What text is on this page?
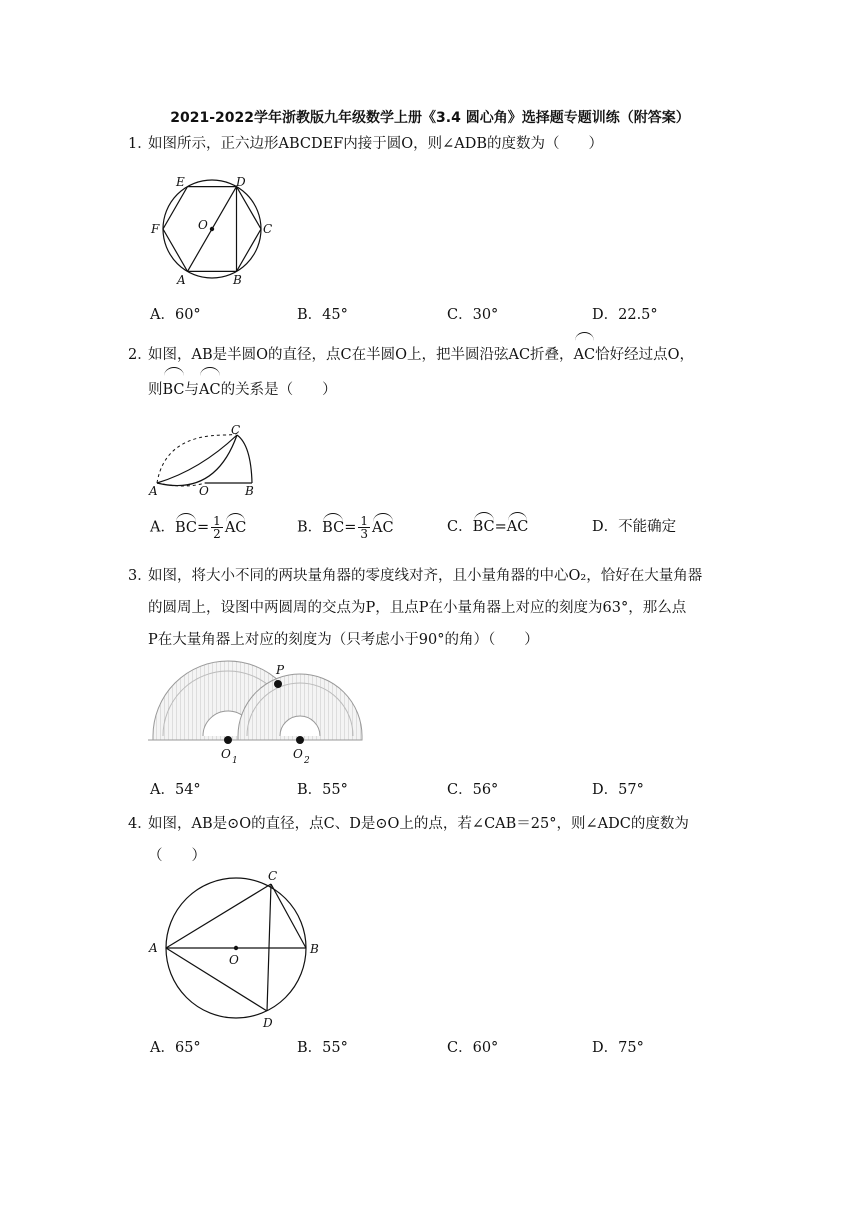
2021-2022学年浙教版九年级数学上册《3.4 圆心角》选择题专题训练（附答案）
1．如图所示，正六边形ABCDEF内接于圆O，则∠ADB的度数为（　　）
E	D
F	O	C
A	B
A．60°	B．45°	C．30°	D．22.5°
2．如图，AB是半圆O的直径，点C在半圆O上，把半圆沿弦AC折叠，AC恰好经过点O，
则BC与AC的关系是（　　）
C
A	O	B
A．$BC= \frac{1}{2}$ AC	B．$BC= \frac{1}{3}$ AC	C．BC=AC	D．不能确定
3．如图，将大小不同的两块量角器的零度线对齐，且小量角器的中心O₂，恰好在大量角器
的圆周上，设图中两圆周的交点为P，且点P在小量角器上对应的刻度为63°，那么点
P在大量角器上对应的刻度为（只考虑小于90°的角）（　　）
P
O 1	O 2
A．54°	B．55°	C．56°	D．57°
4．如图，AB是⊙O的直径，点C、D是⊙O上的点，若∠CAB＝25°，则∠ADC的度数为
（　　）
C
A
O
B
D
A．65°	B．55°	C．60°	D．75°
